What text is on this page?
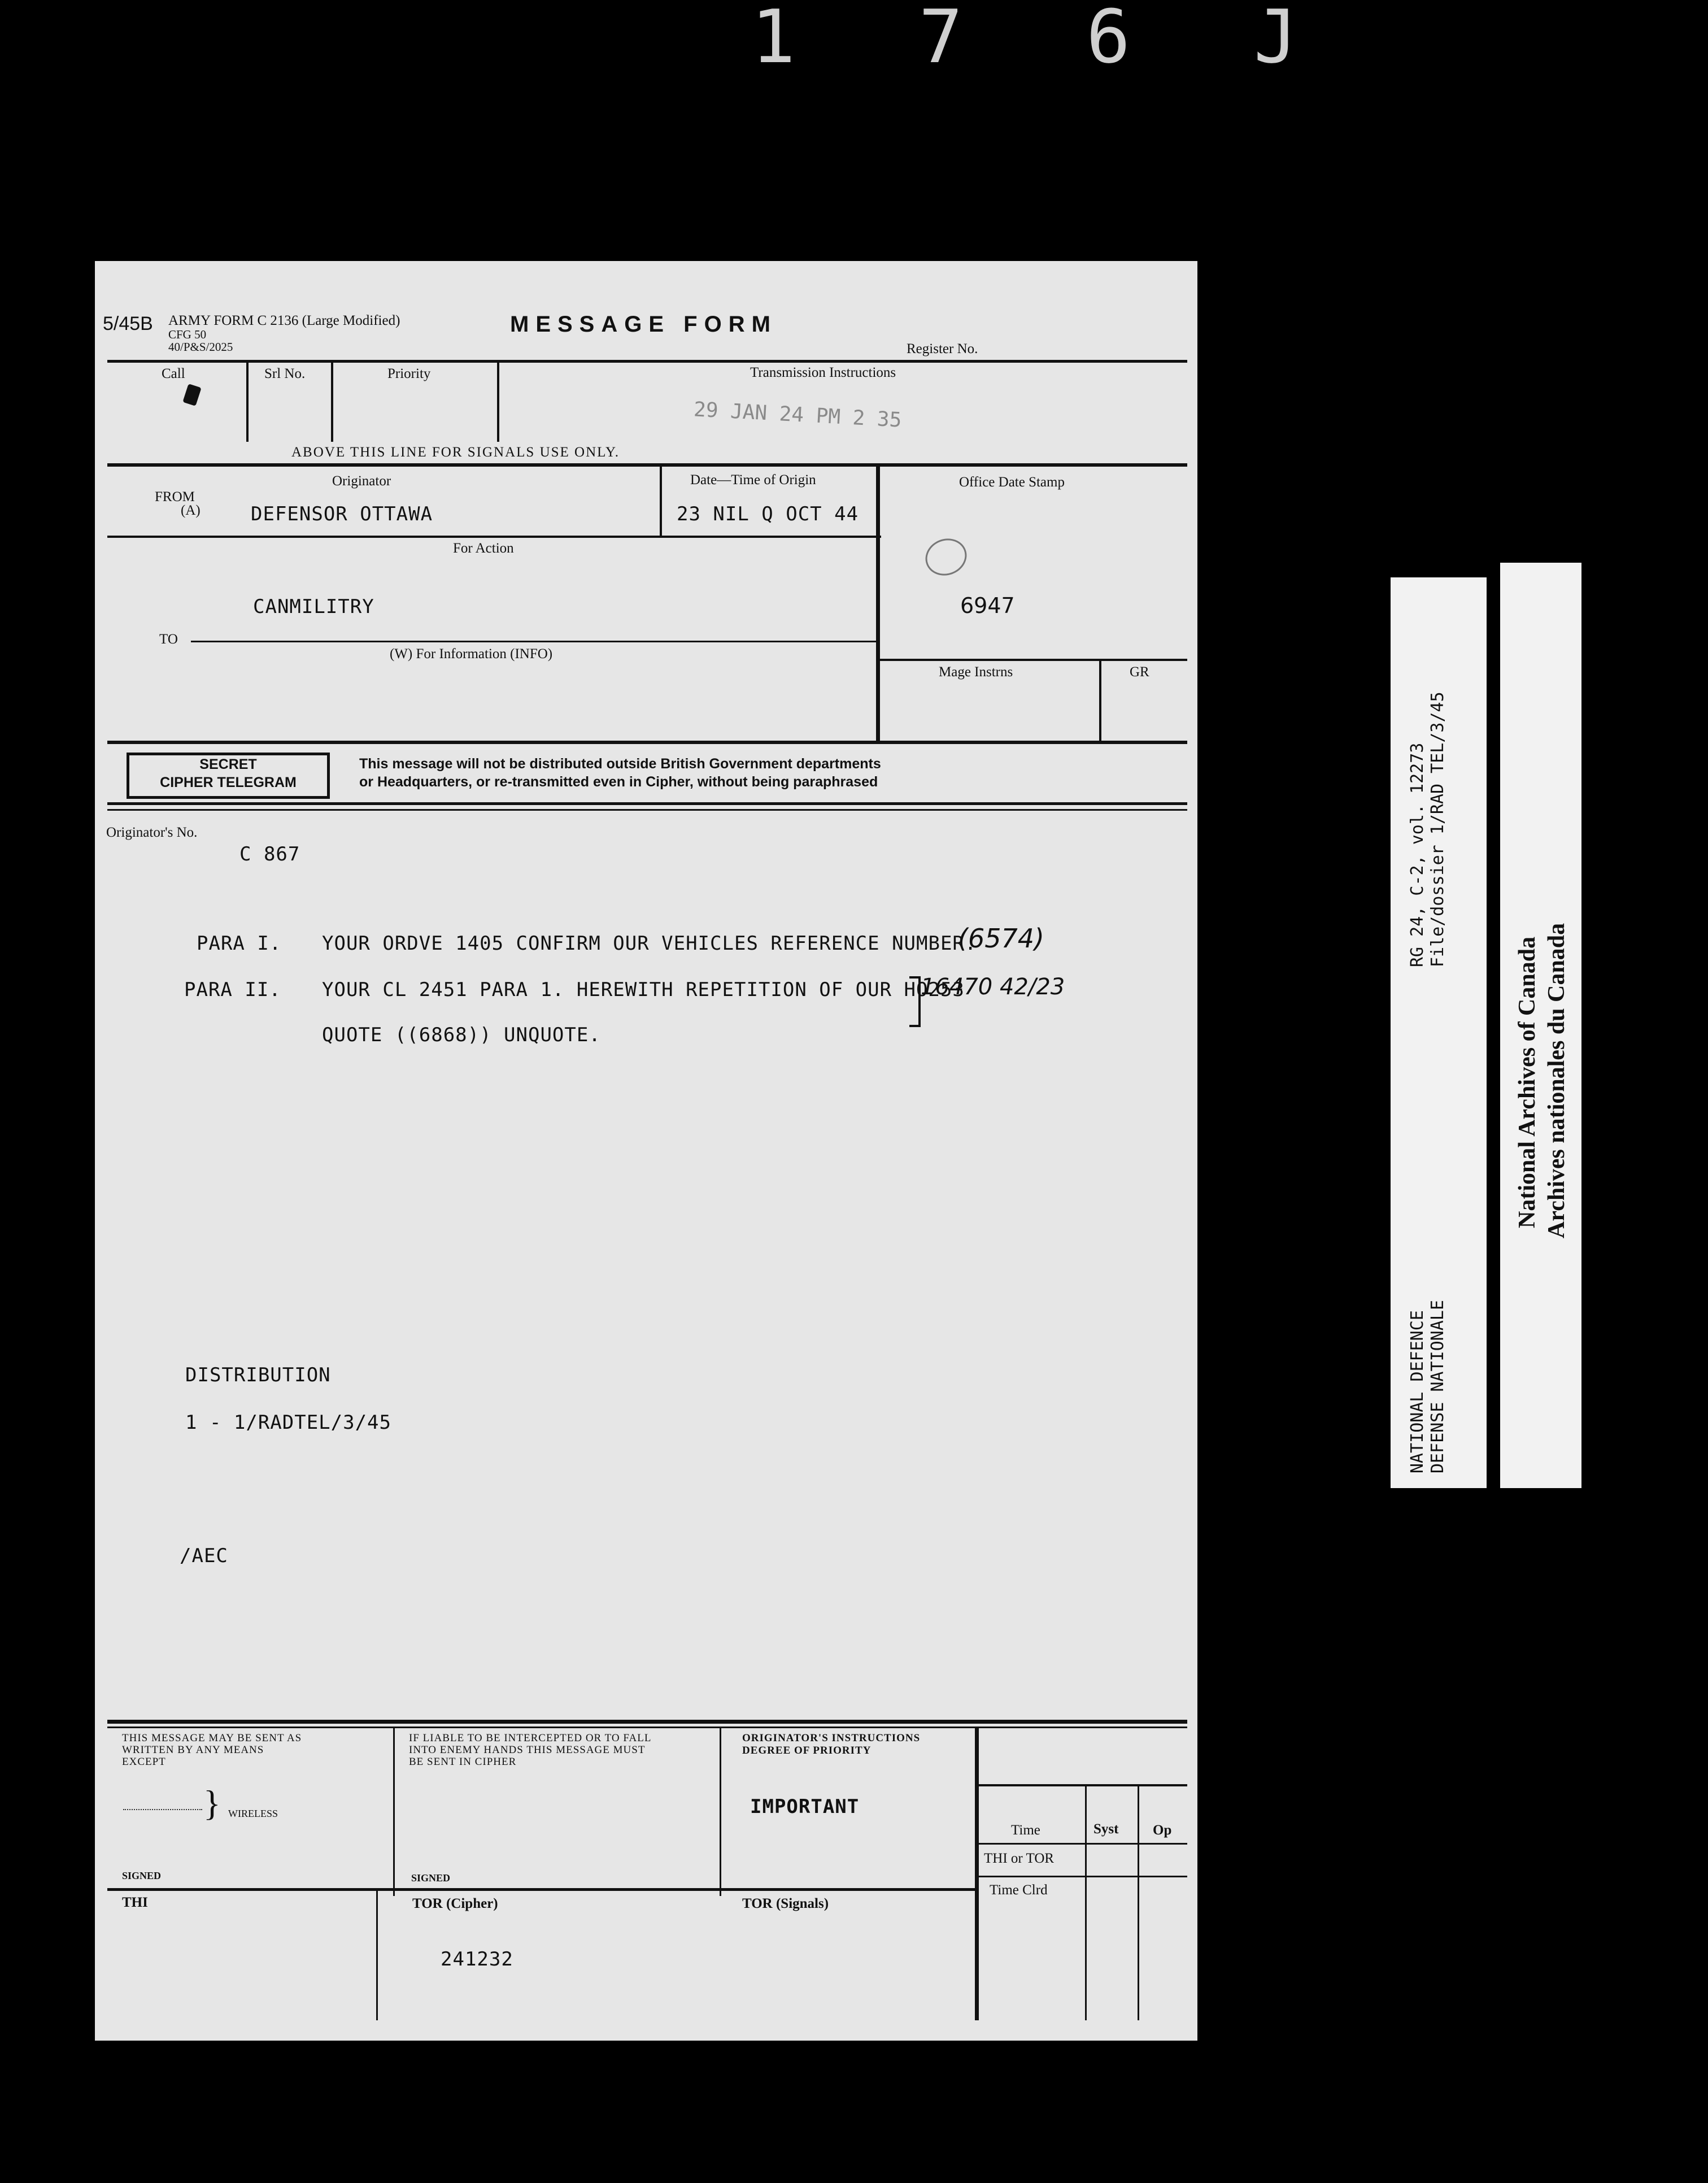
1 7 6 J
5/45B ARMY FORM C 2136 (Large Modified)
CFG 50
40/P&S/2025
MESSAGE FORM
Register No.
Call	Srl No.	Priority	Transmission Instructions
29 JAN 24 PM 2 35
ABOVE THIS LINE FOR SIGNALS USE ONLY.
Originator
FROM
(A)	DEFENSOR OTTAWA
Date—Time of Origin
23 NIL Q OCT 44
Office Date Stamp
6947
For Action
CANMILITRY
TO
(W) For Information (INFO)
Mage Instrns	GR
SECRET
CIPHER TELEGRAM
This message will not be distributed outside British Government departments
or Headquarters, or re-transmitted even in Cipher, without being paraphrased
Originator's No.
C 867
PARA I. YOUR ORDVE 1405 CONFIRM OUR VEHICLES REFERENCE NUMBER.
(6574)
PARA II. YOUR CL 2451 PARA 1. HEREWITH REPETITION OF OUR HO253
16470 42/23
QUOTE ((6868)) UNQUOTE.
DISTRIBUTION
1 - 1/RADTEL/3/45
/AEC
THIS MESSAGE MAY BE SENT AS
WRITTEN BY ANY MEANS
EXCEPT
} WIRELESS
SIGNED
IF LIABLE TO BE INTERCEPTED OR TO FALL
INTO ENEMY HANDS THIS MESSAGE MUST
BE SENT IN CIPHER
SIGNED
ORIGINATOR'S INSTRUCTIONS
DEGREE OF PRIORITY
IMPORTANT
Time	Syst Op
THI or TOR
Time Clrd
THI	TOR (Cipher)
241232
TOR (Signals)
RG 24, C-2, vol. 12273 File/dossier 1/RAD TEL/3/45
NATIONAL DEFENCE DEFENSE NATIONALE
National Archives of Canada Archives nationales du Canada
